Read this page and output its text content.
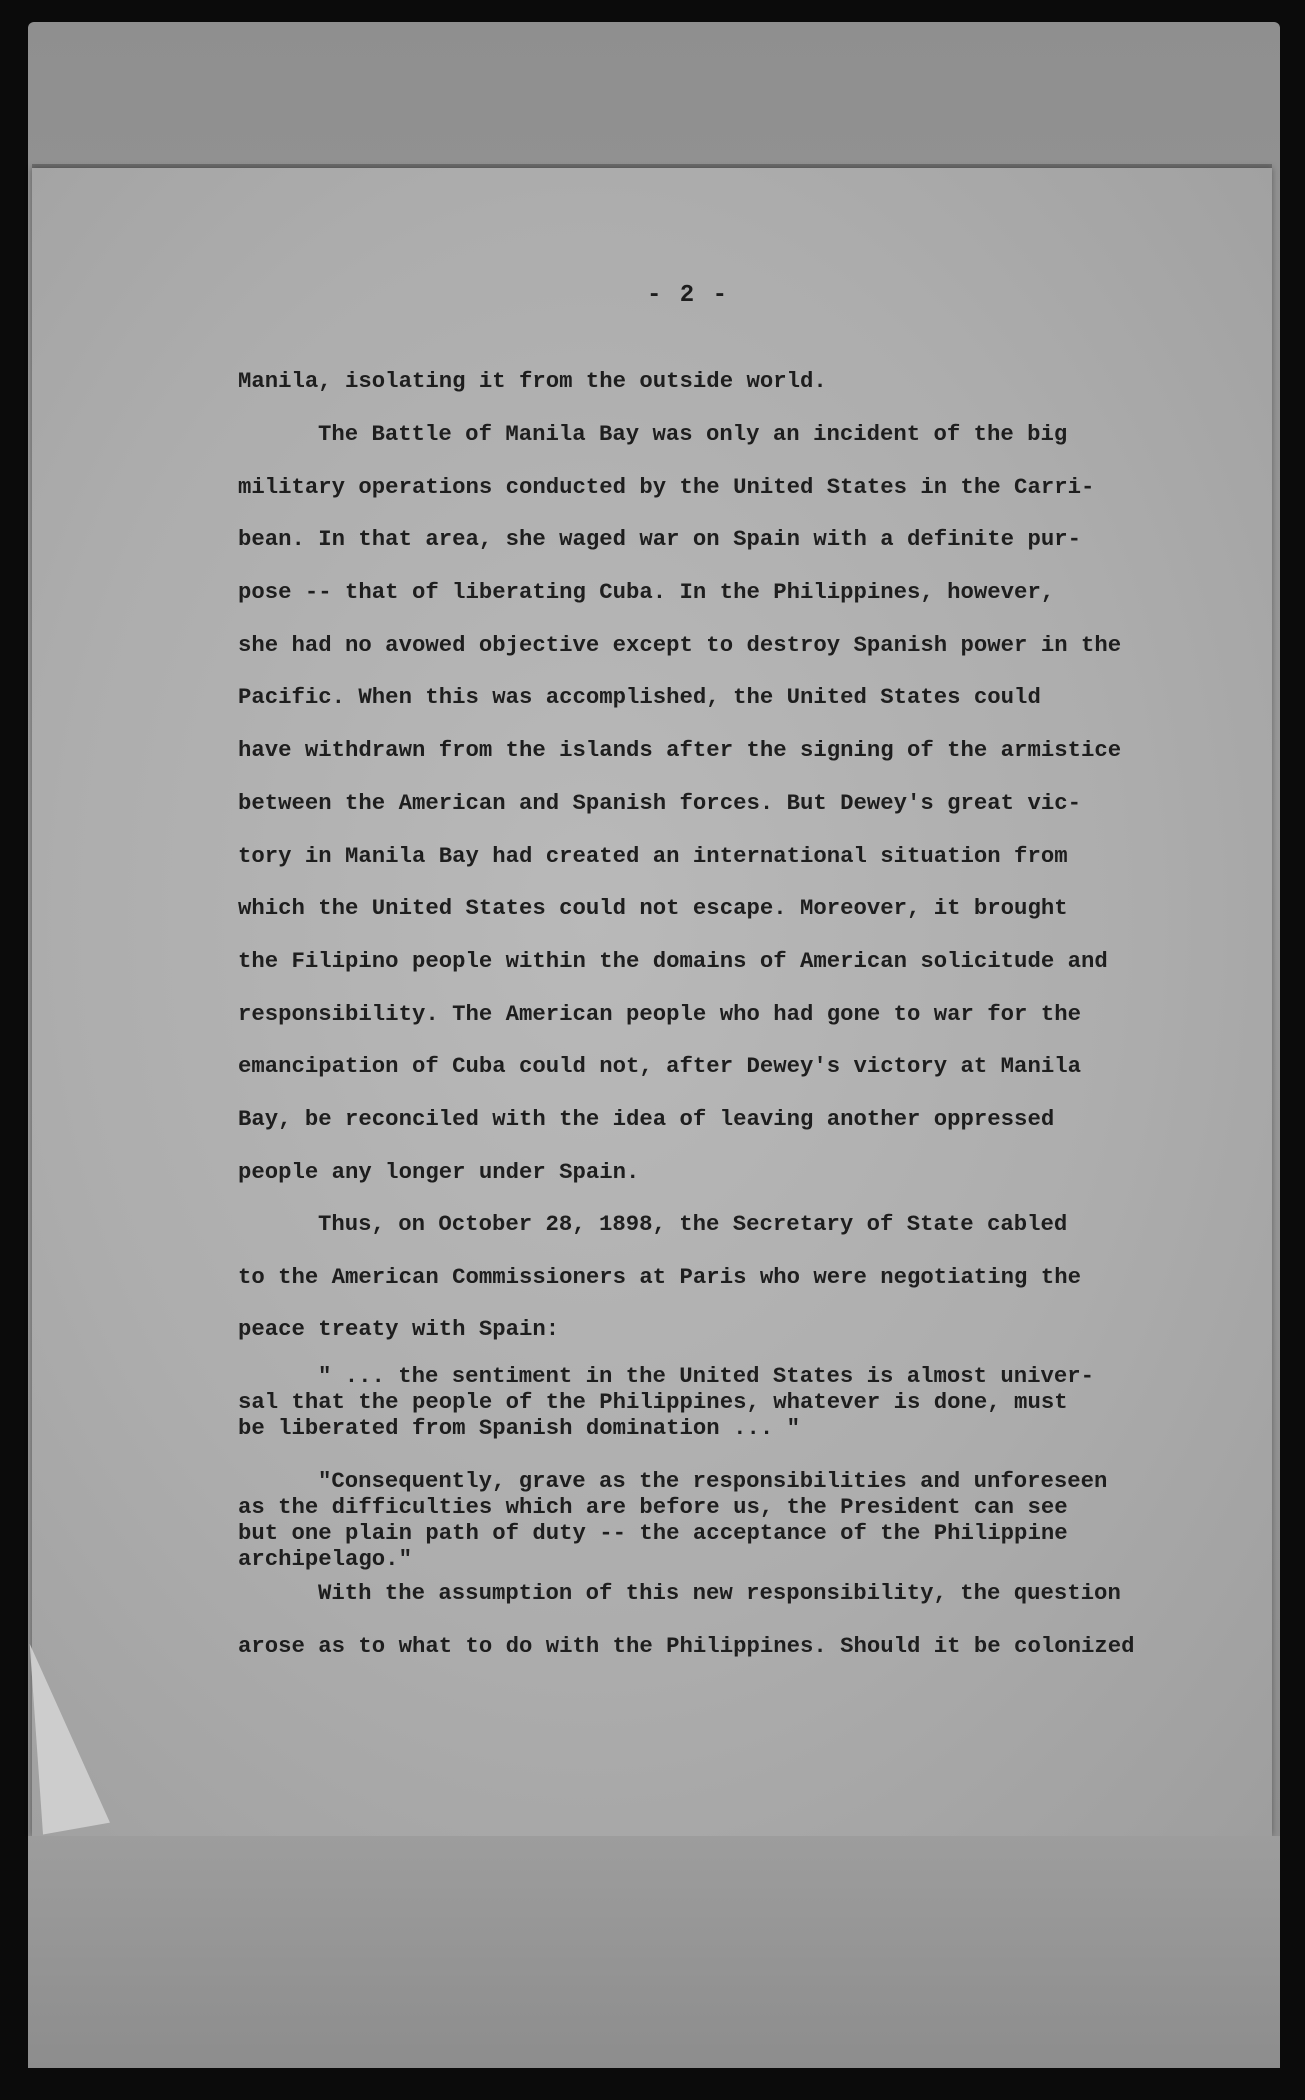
- 2 -
Manila, isolating it from the outside world.
The Battle of Manila Bay was only an incident of the big
military operations conducted by the United States in the Carri-
bean. In that area, she waged war on Spain with a definite pur-
pose -- that of liberating Cuba. In the Philippines, however,
she had no avowed objective except to destroy Spanish power in the
Pacific. When this was accomplished, the United States could
have withdrawn from the islands after the signing of the armistice
between the American and Spanish forces. But Dewey's great vic-
tory in Manila Bay had created an international situation from
which the United States could not escape. Moreover, it brought
the Filipino people within the domains of American solicitude and
responsibility. The American people who had gone to war for the
emancipation of Cuba could not, after Dewey's victory at Manila
Bay, be reconciled with the idea of leaving another oppressed
people any longer under Spain.
Thus, on October 28, 1898, the Secretary of State cabled
to the American Commissioners at Paris who were negotiating the
peace treaty with Spain:
" ... the sentiment in the United States is almost univer-
sal that the people of the Philippines, whatever is done, must
be liberated from Spanish domination ... "
"Consequently, grave as the responsibilities and unforeseen
as the difficulties which are before us, the President can see
but one plain path of duty -- the acceptance of the Philippine
archipelago."
With the assumption of this new responsibility, the question
arose as to what to do with the Philippines. Should it be colonized
